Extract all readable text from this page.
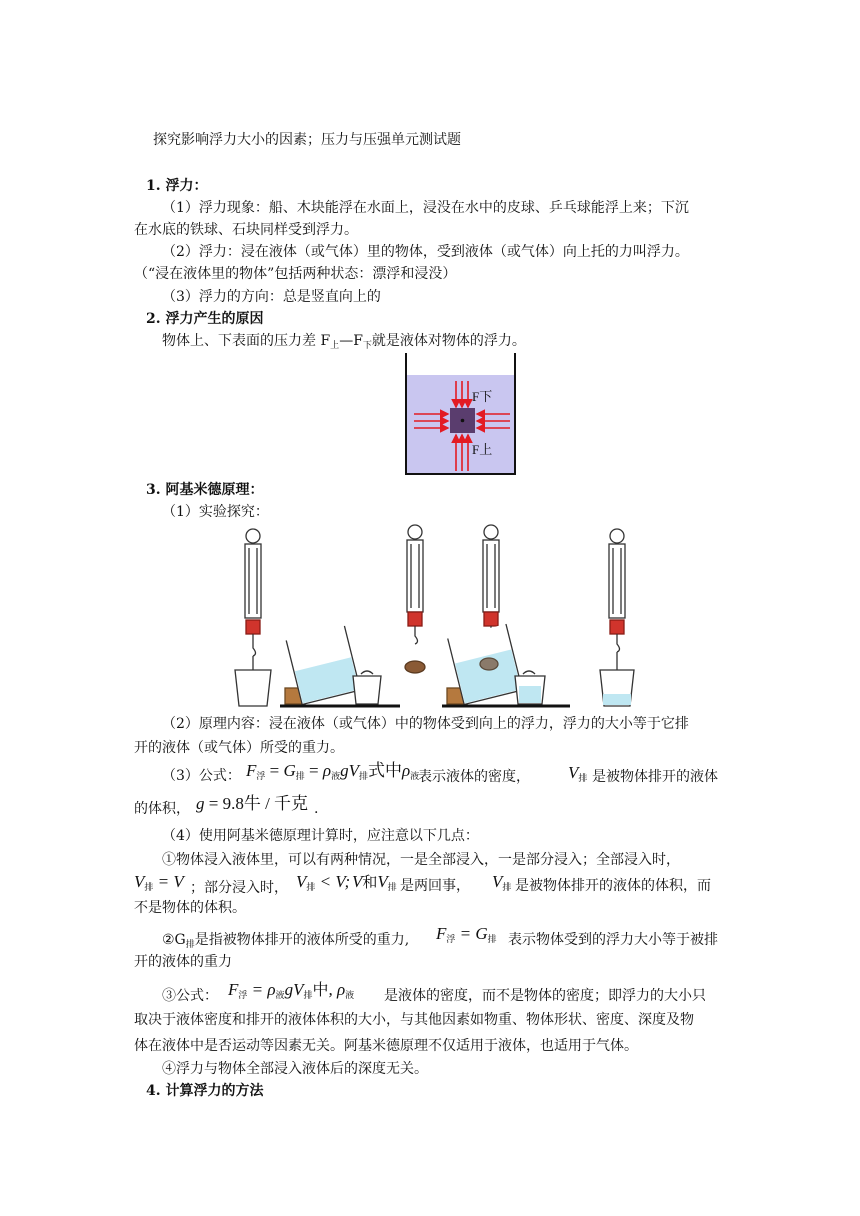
探究影响浮力大小的因素；压力与压强单元测试题
1. 浮力：
（1）浮力现象：船、木块能浮在水面上，浸没在水中的皮球、乒乓球能浮上来；下沉
在水底的铁球、石块同样受到浮力。
（2）浮力：浸在液体（或气体）里的物体，受到液体（或气体）向上托的力叫浮力。
（“浸在液体里的物体”包括两种状态：漂浮和浸没）
（3）浮力的方向：总是竖直向上的
2. 浮力产生的原因
物体上、下表面的压力差 $F_上—F_下$就是液体对物体的浮力。
F下
F上
3. 阿基米德原理：
（1）实验探究：
（2）原理内容：浸在液体（或气体）中的物体受到向上的浮力，浮力的大小等于它排
开的液体（或气体）所受的重力。
（3）公式： $F_浮 = G_排 = \rho_液gV_排$式中$\rho_液$
表示液体的密度， $V_排$ 是被物体排开的液体
的体积， g = 9.8牛 / 千克 .
（4）使用阿基米德原理计算时，应注意以下几点：
①物体浸入液体里，可以有两种情况，一是全部浸入，一是部分浸入；全部浸入时，
$V_排 = V$ ；部分浸入时， $V_排 < V$; V和$V_排$ 是两回事， $V_排$ 是被物体排开的液体的体积，而
不是物体的体积。
$②G_排$是指被物体排开的液体所受的重力, $F_浮 = G_排$ 表示物体受到的浮力大小等于被排
开的液体的重力
③公式： $F_浮 = \rho_液gV_排$中, $\rho_液$ 是液体的密度，而不是物体的密度；即浮力的大小只
取决于液体密度和排开的液体体积的大小，与其他因素如物重、物体形状、密度、深度及物
体在液体中是否运动等因素无关。阿基米德原理不仅适用于液体，也适用于气体。
④浮力与物体全部浸入液体后的深度无关。
4. 计算浮力的方法
